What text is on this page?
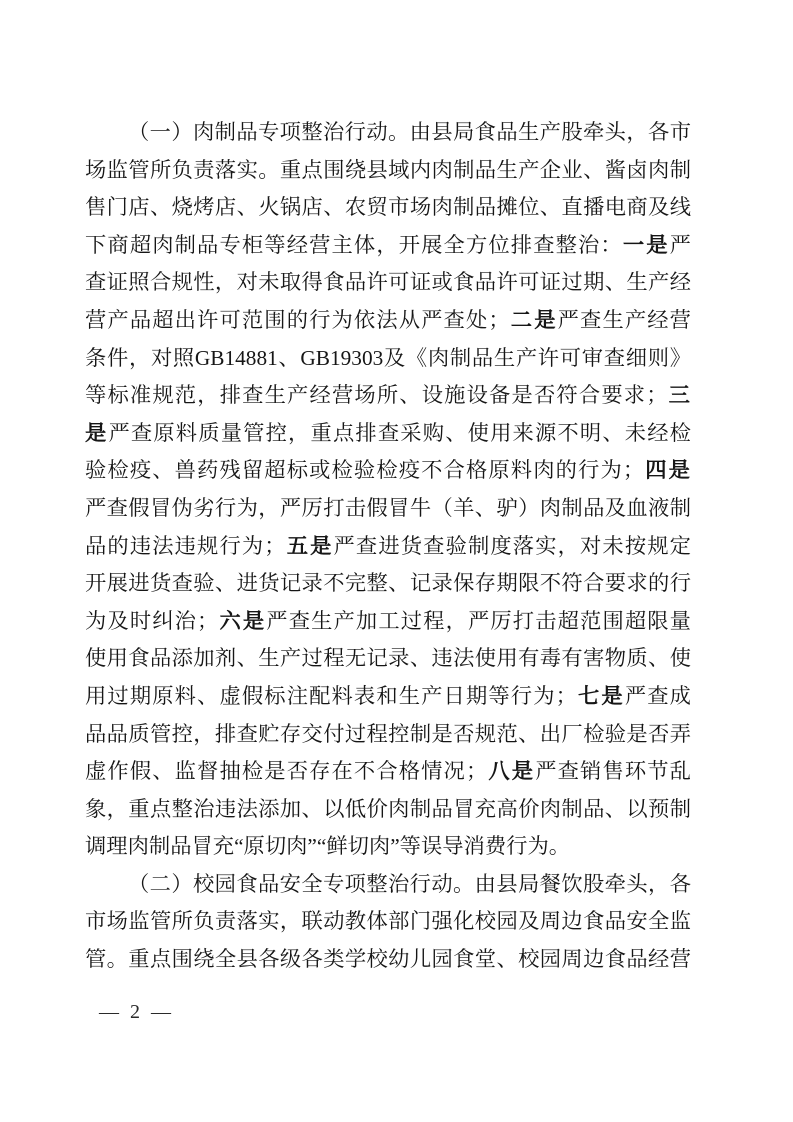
（一）肉制品专项整治行动。由县局食品生产股牵头，各市
场监管所负责落实。重点围绕县域内肉制品生产企业、酱卤肉制
售门店、烧烤店、火锅店、农贸市场肉制品摊位、直播电商及线
下商超肉制品专柜等经营主体，开展全方位排查整治：一是严
查证照合规性，对未取得食品许可证或食品许可证过期、生产经
营产品超出许可范围的行为依法从严查处；二是严查生产经营
条件，对照GB14881、GB19303及《肉制品生产许可审查细则》
等标准规范，排查生产经营场所、设施设备是否符合要求；三
是严查原料质量管控，重点排查采购、使用来源不明、未经检
验检疫、兽药残留超标或检验检疫不合格原料肉的行为；四是
严查假冒伪劣行为，严厉打击假冒牛（羊、驴）肉制品及血液制
品的违法违规行为；五是严查进货查验制度落实，对未按规定
开展进货查验、进货记录不完整、记录保存期限不符合要求的行
为及时纠治；六是严查生产加工过程，严厉打击超范围超限量
使用食品添加剂、生产过程无记录、违法使用有毒有害物质、使
用过期原料、虚假标注配料表和生产日期等行为；七是严查成
品品质管控，排查贮存交付过程控制是否规范、出厂检验是否弄
虚作假、监督抽检是否存在不合格情况；八是严查销售环节乱
象，重点整治违法添加、以低价肉制品冒充高价肉制品、以预制
调理肉制品冒充“原切肉”“鲜切肉”等误导消费行为。
（二）校园食品安全专项整治行动。由县局餐饮股牵头，各
市场监管所负责落实，联动教体部门强化校园及周边食品安全监
管。重点围绕全县各级各类学校幼儿园食堂、校园周边食品经营
— 2 —
